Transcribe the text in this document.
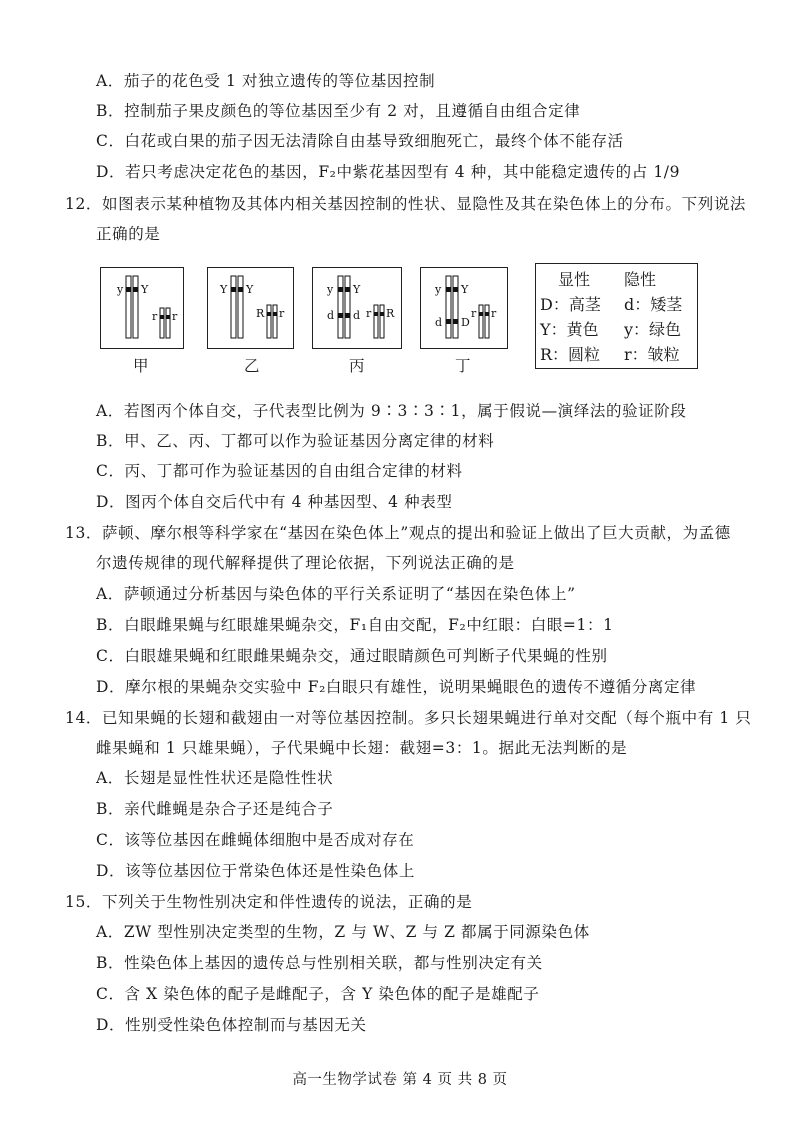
A．茄子的花色受 1 对独立遗传的等位基因控制
B．控制茄子果皮颜色的等位基因至少有 2 对，且遵循自由组合定律
C．白花或白果的茄子因无法清除自由基导致细胞死亡，最终个体不能存活
D．若只考虑决定花色的基因，F₂中紫花基因型有 4 种，其中能稳定遗传的占 1/9
12．如图表示某种植物及其体内相关基因控制的性状、显隐性及其在染色体上的分布。下列说法
正确的是
y Y
r r
甲
Y Y
R r
乙
y Y
d d r R
丙
y Y
d D
r r
丁
显性 隐性
D：高茎 d：矮茎
Y：黄色 y：绿色
R：圆粒 r：皱粒
A．若图丙个体自交，子代表型比例为 9∶3∶3∶1，属于假说—演绎法的验证阶段
B．甲、乙、丙、丁都可以作为验证基因分离定律的材料
C．丙、丁都可作为验证基因的自由组合定律的材料
D．图丙个体自交后代中有 4 种基因型、4 种表型
13．萨顿、摩尔根等科学家在“基因在染色体上”观点的提出和验证上做出了巨大贡献，为孟德
尔遗传规律的现代解释提供了理论依据，下列说法正确的是
A．萨顿通过分析基因与染色体的平行关系证明了“基因在染色体上”
B．白眼雌果蝇与红眼雄果蝇杂交，F₁自由交配，F₂中红眼：白眼=1：1
C．白眼雄果蝇和红眼雌果蝇杂交，通过眼睛颜色可判断子代果蝇的性别
D．摩尔根的果蝇杂交实验中 F₂白眼只有雄性，说明果蝇眼色的遗传不遵循分离定律
14．已知果蝇的长翅和截翅由一对等位基因控制。多只长翅果蝇进行单对交配（每个瓶中有 1 只
雌果蝇和 1 只雄果蝇），子代果蝇中长翅：截翅=3：1。据此无法判断的是
A．长翅是显性性状还是隐性性状
B．亲代雌蝇是杂合子还是纯合子
C．该等位基因在雌蝇体细胞中是否成对存在
D．该等位基因位于常染色体还是性染色体上
15．下列关于生物性别决定和伴性遗传的说法，正确的是
A．ZW 型性别决定类型的生物，Z 与 W、Z 与 Z 都属于同源染色体
B．性染色体上基因的遗传总与性别相关联，都与性别决定有关
C．含 X 染色体的配子是雌配子，含 Y 染色体的配子是雄配子
D．性别受性染色体控制而与基因无关
高一生物学试卷 第 4 页 共 8 页
